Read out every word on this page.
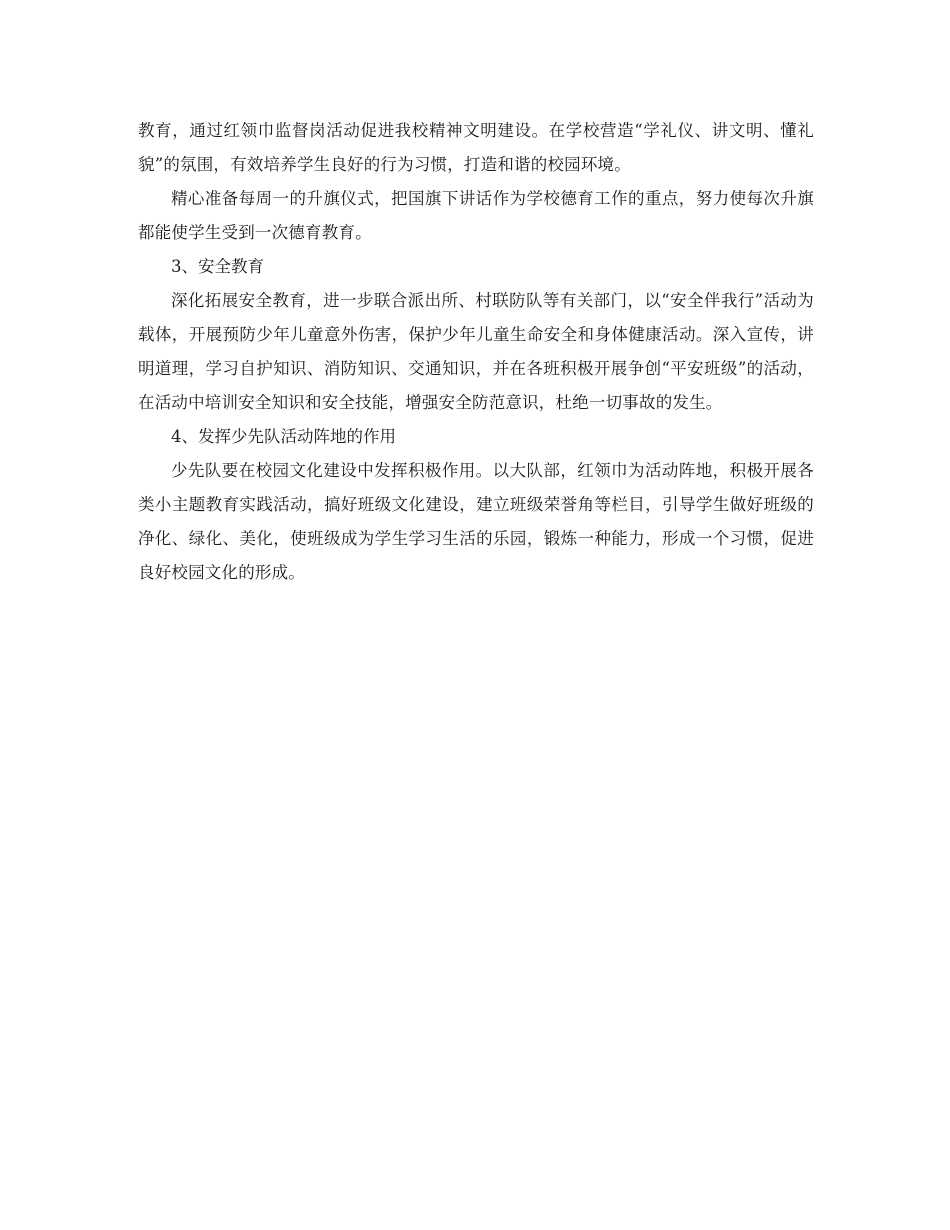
教育，通过红领巾监督岗活动促进我校精神文明建设。在学校营造“学礼仪、讲文明、懂礼貌”的氛围，有效培养学生良好的行为习惯，打造和谐的校园环境。

精心准备每周一的升旗仪式，把国旗下讲话作为学校德育工作的重点，努力使每次升旗都能使学生受到一次德育教育。

3、安全教育

深化拓展安全教育，进一步联合派出所、村联防队等有关部门，以“安全伴我行”活动为载体，开展预防少年儿童意外伤害，保护少年儿童生命安全和身体健康活动。深入宣传，讲明道理，学习自护知识、消防知识、交通知识，并在各班积极开展争创“平安班级”的活动，在活动中培训安全知识和安全技能，增强安全防范意识，杜绝一切事故的发生。

4、发挥少先队活动阵地的作用

少先队要在校园文化建设中发挥积极作用。以大队部，红领巾为活动阵地，积极开展各类小主题教育实践活动，搞好班级文化建设，建立班级荣誉角等栏目，引导学生做好班级的净化、绿化、美化，使班级成为学生学习生活的乐园，锻炼一种能力，形成一个习惯，促进良好校园文化的形成。
